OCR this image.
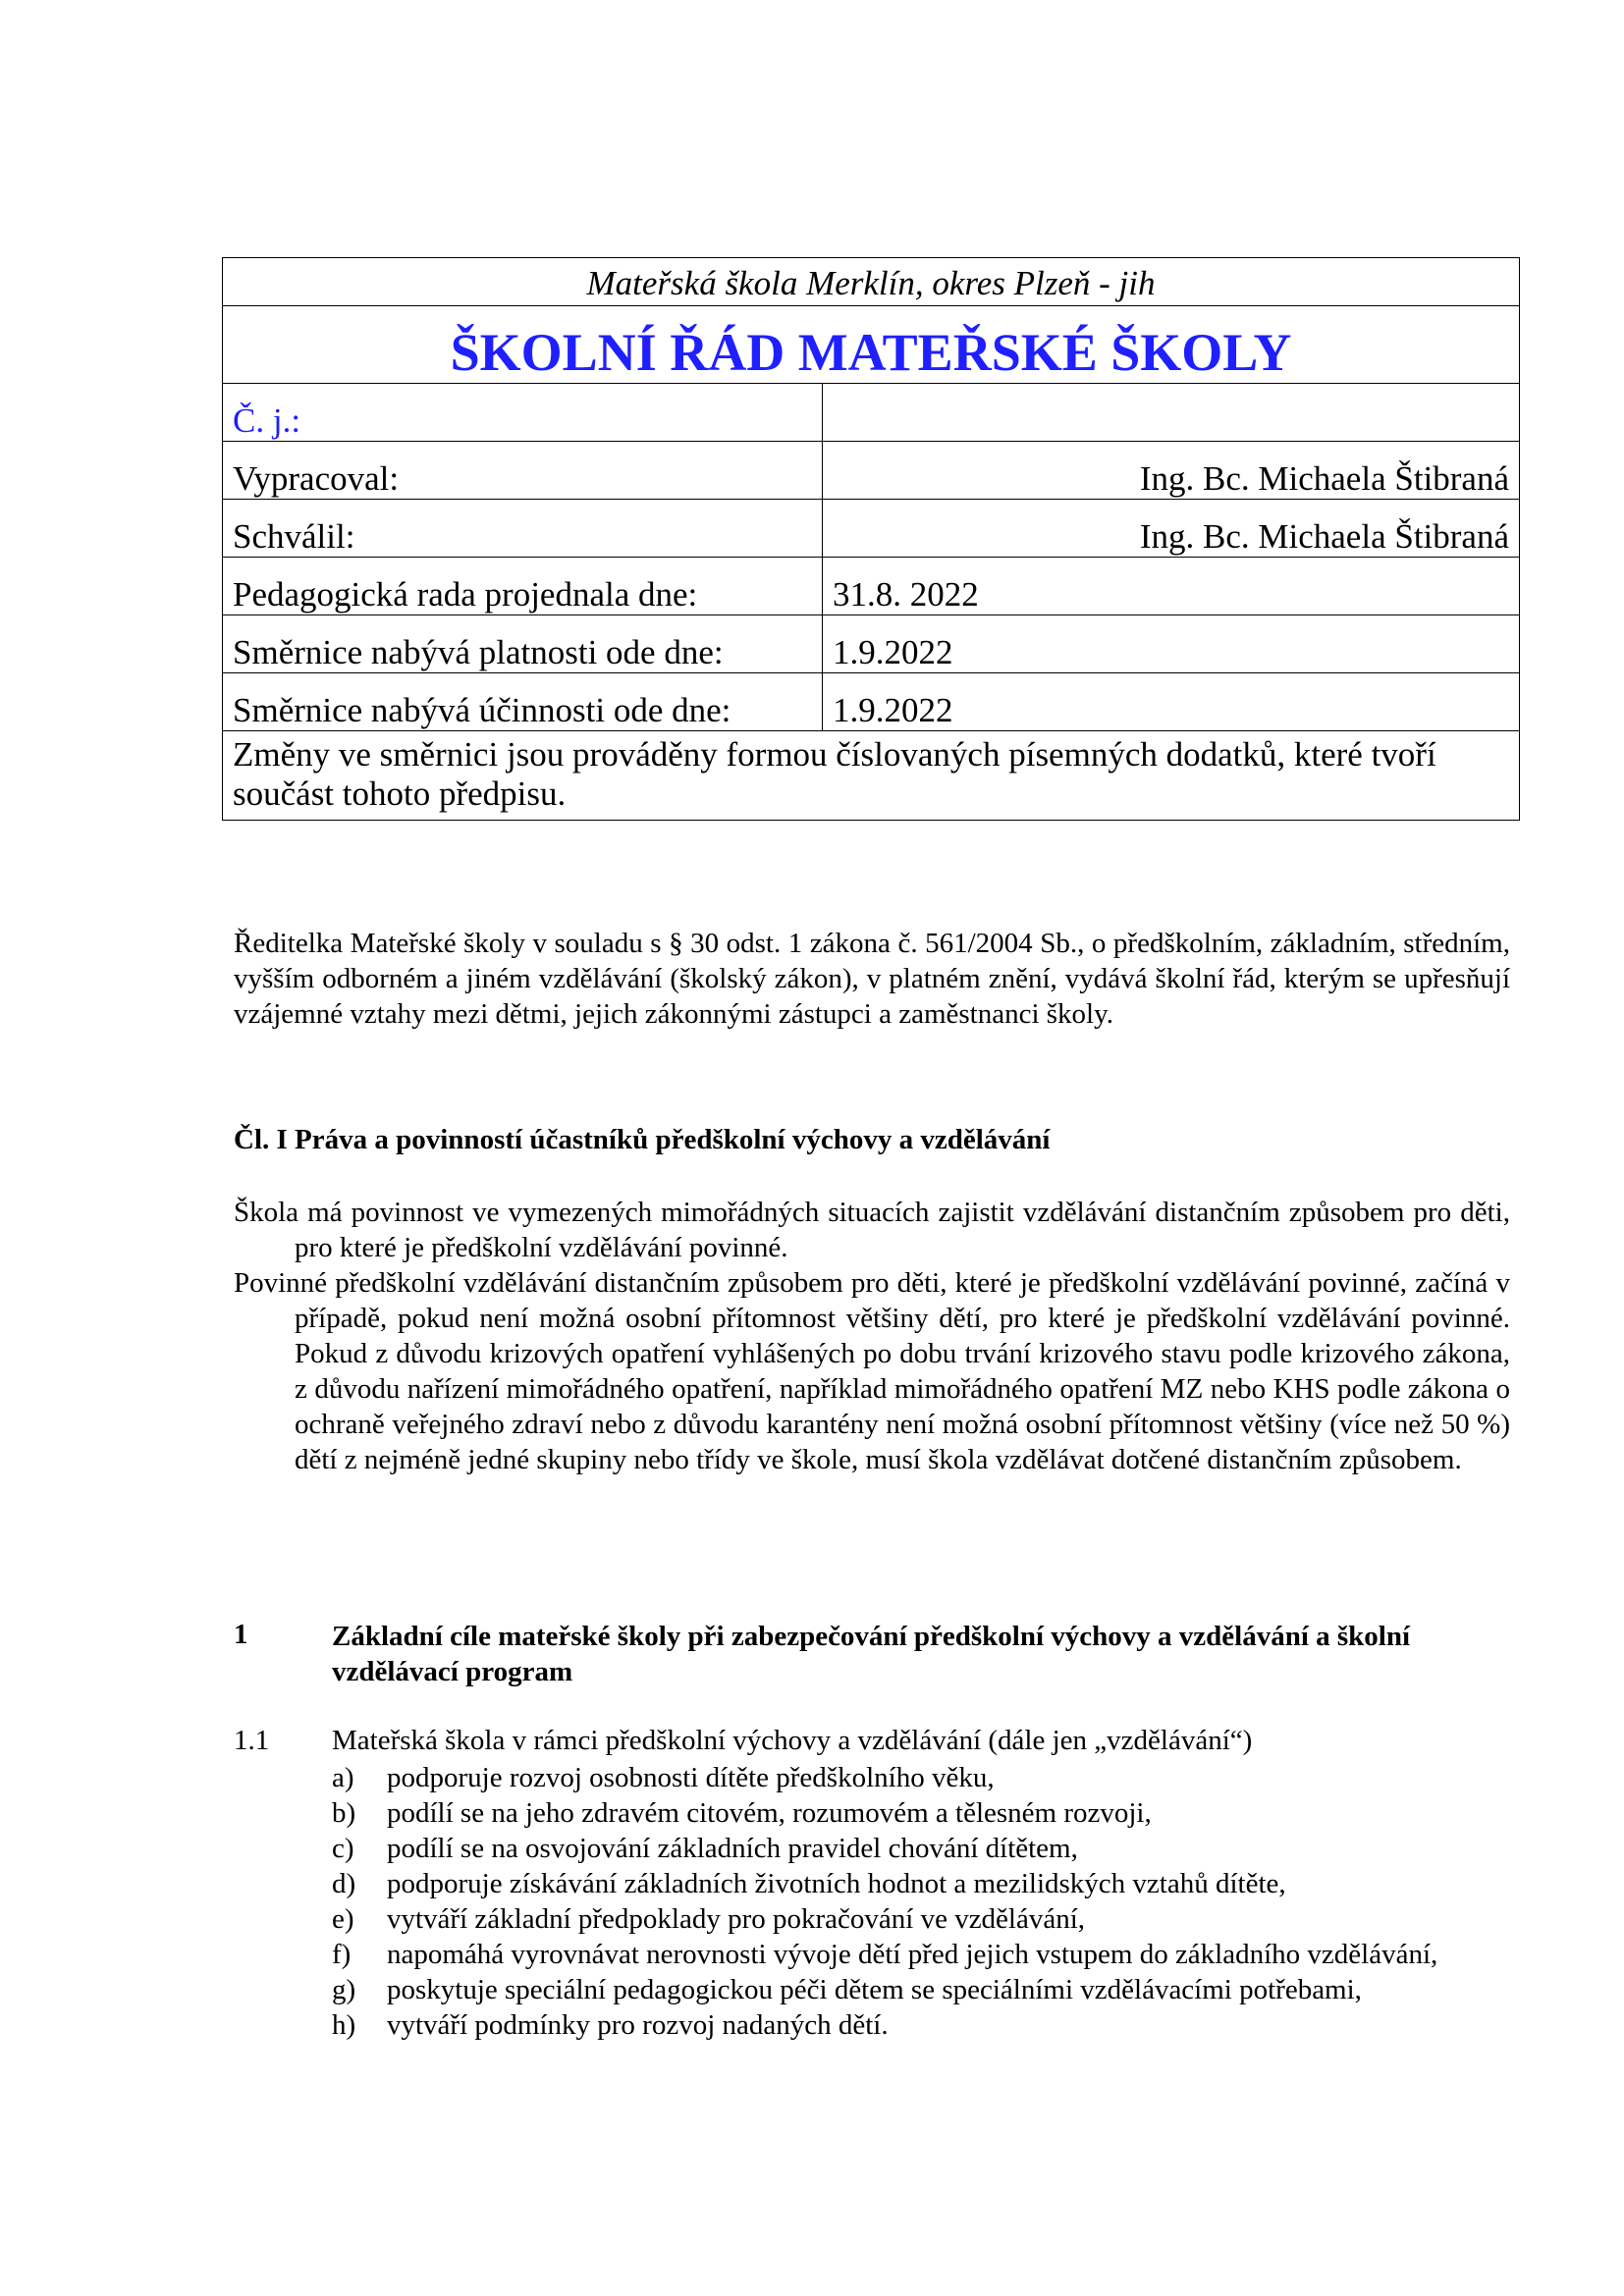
Mateřská škola Merklín, okres Plzeň - jih	
ŠKOLNÍ ŘÁD MATEŘSKÉ ŠKOLY	
Č. j.:	
Vypracoval:	Ing. Bc. Michaela Štibraná
Schválil:	Ing. Bc. Michaela Štibraná
Pedagogická rada projednala dne:	31.8. 2022
Směrnice nabývá platnosti ode dne:	1.9.2022
Směrnice nabývá účinnosti ode dne:	1.9.2022
Změny ve směrnici jsou prováděny formou číslovaných písemných dodatků, které tvoří součást tohoto předpisu.	

Ředitelka Mateřské školy v souladu s § 30 odst. 1 zákona č. 561/2004 Sb., o předškolním, základním, středním, vyšším odborném a jiném vzdělávání (školský zákon), v platném znění, vydává školní řád, kterým se upřesňují vzájemné vztahy mezi dětmi, jejich zákonnými zástupci a zaměstnanci školy.

Čl. I Práva a povinností účastníků předškolní výchovy a vzdělávání

Škola má povinnost ve vymezených mimořádných situacích zajistit vzdělávání distančním způsobem pro děti, pro které je předškolní vzdělávání povinné.

Povinné předškolní vzdělávání distančním způsobem pro děti, které je předškolní vzdělávání povinné, začíná v případě, pokud není možná osobní přítomnost většiny dětí, pro které je předškolní vzdělávání povinné. Pokud z důvodu krizových opatření vyhlášených po dobu trvání krizového stavu podle krizového zákona, z důvodu nařízení mimořádného opatření, například mimořádného opatření MZ nebo KHS podle zákona o ochraně veřejného zdraví nebo z důvodu karantény není možná osobní přítomnost většiny (více než 50 %) dětí z nejméně jedné skupiny nebo třídy ve škole, musí škola vzdělávat dotčené distančním způsobem.

1	Základní cíle mateřské školy při zabezpečování předškolní výchovy a vzdělávání a školní vzdělávací program

1.1 Mateřská škola v rámci předškolní výchovy a vzdělávání (dále jen „vzdělávání“)

a) podporuje rozvoj osobnosti dítěte předškolního věku,
b) podílí se na jeho zdravém citovém, rozumovém a tělesném rozvoji,
c) podílí se na osvojování základních pravidel chování dítětem,
d) podporuje získávání základních životních hodnot a mezilidských vztahů dítěte,
e) vytváří základní předpoklady pro pokračování ve vzdělávání,
f) napomáhá vyrovnávat nerovnosti vývoje dětí před jejich vstupem do základního vzdělávání,
g) poskytuje speciální pedagogickou péči dětem se speciálními vzdělávacími potřebami,
h) vytváří podmínky pro rozvoj nadaných dětí.
